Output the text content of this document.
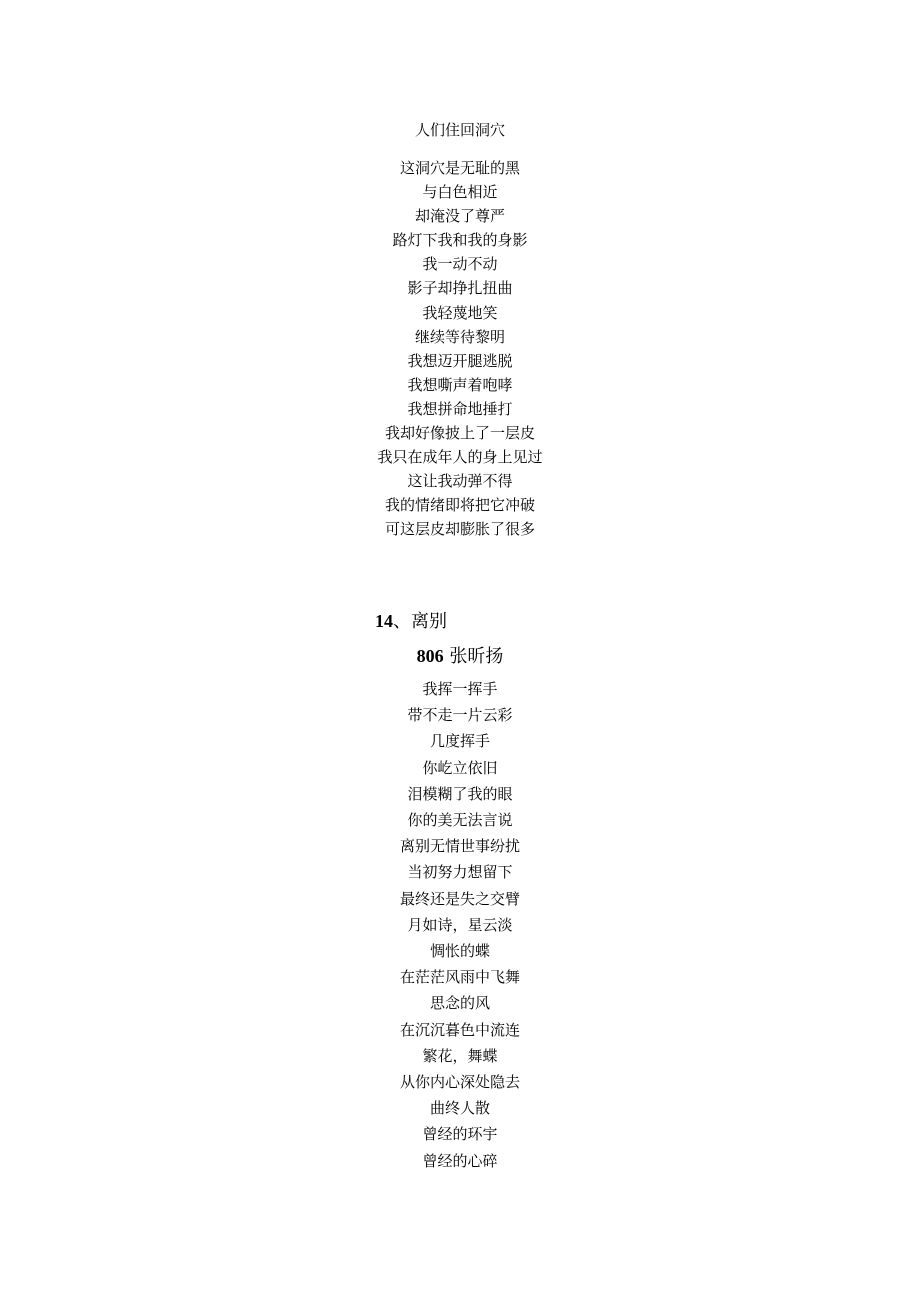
人们住回洞穴
这洞穴是无耻的黑
与白色相近
却淹没了尊严
路灯下我和我的身影
我一动不动
影子却挣扎扭曲
我轻蔑地笑
继续等待黎明
我想迈开腿逃脱
我想嘶声着咆哮
我想拼命地捶打
我却好像披上了一层皮
我只在成年人的身上见过
这让我动弹不得
我的情绪即将把它冲破
可这层皮却膨胀了很多
14、离别
806 张昕扬
我挥一挥手
带不走一片云彩
几度挥手
你屹立依旧
泪模糊了我的眼
你的美无法言说
离别无情世事纷扰
当初努力想留下
最终还是失之交臂
月如诗，星云淡
惆怅的蝶
在茫茫风雨中飞舞
思念的风
在沉沉暮色中流连
繁花，舞蝶
从你内心深处隐去
曲终人散
曾经的环宇
曾经的心碎
